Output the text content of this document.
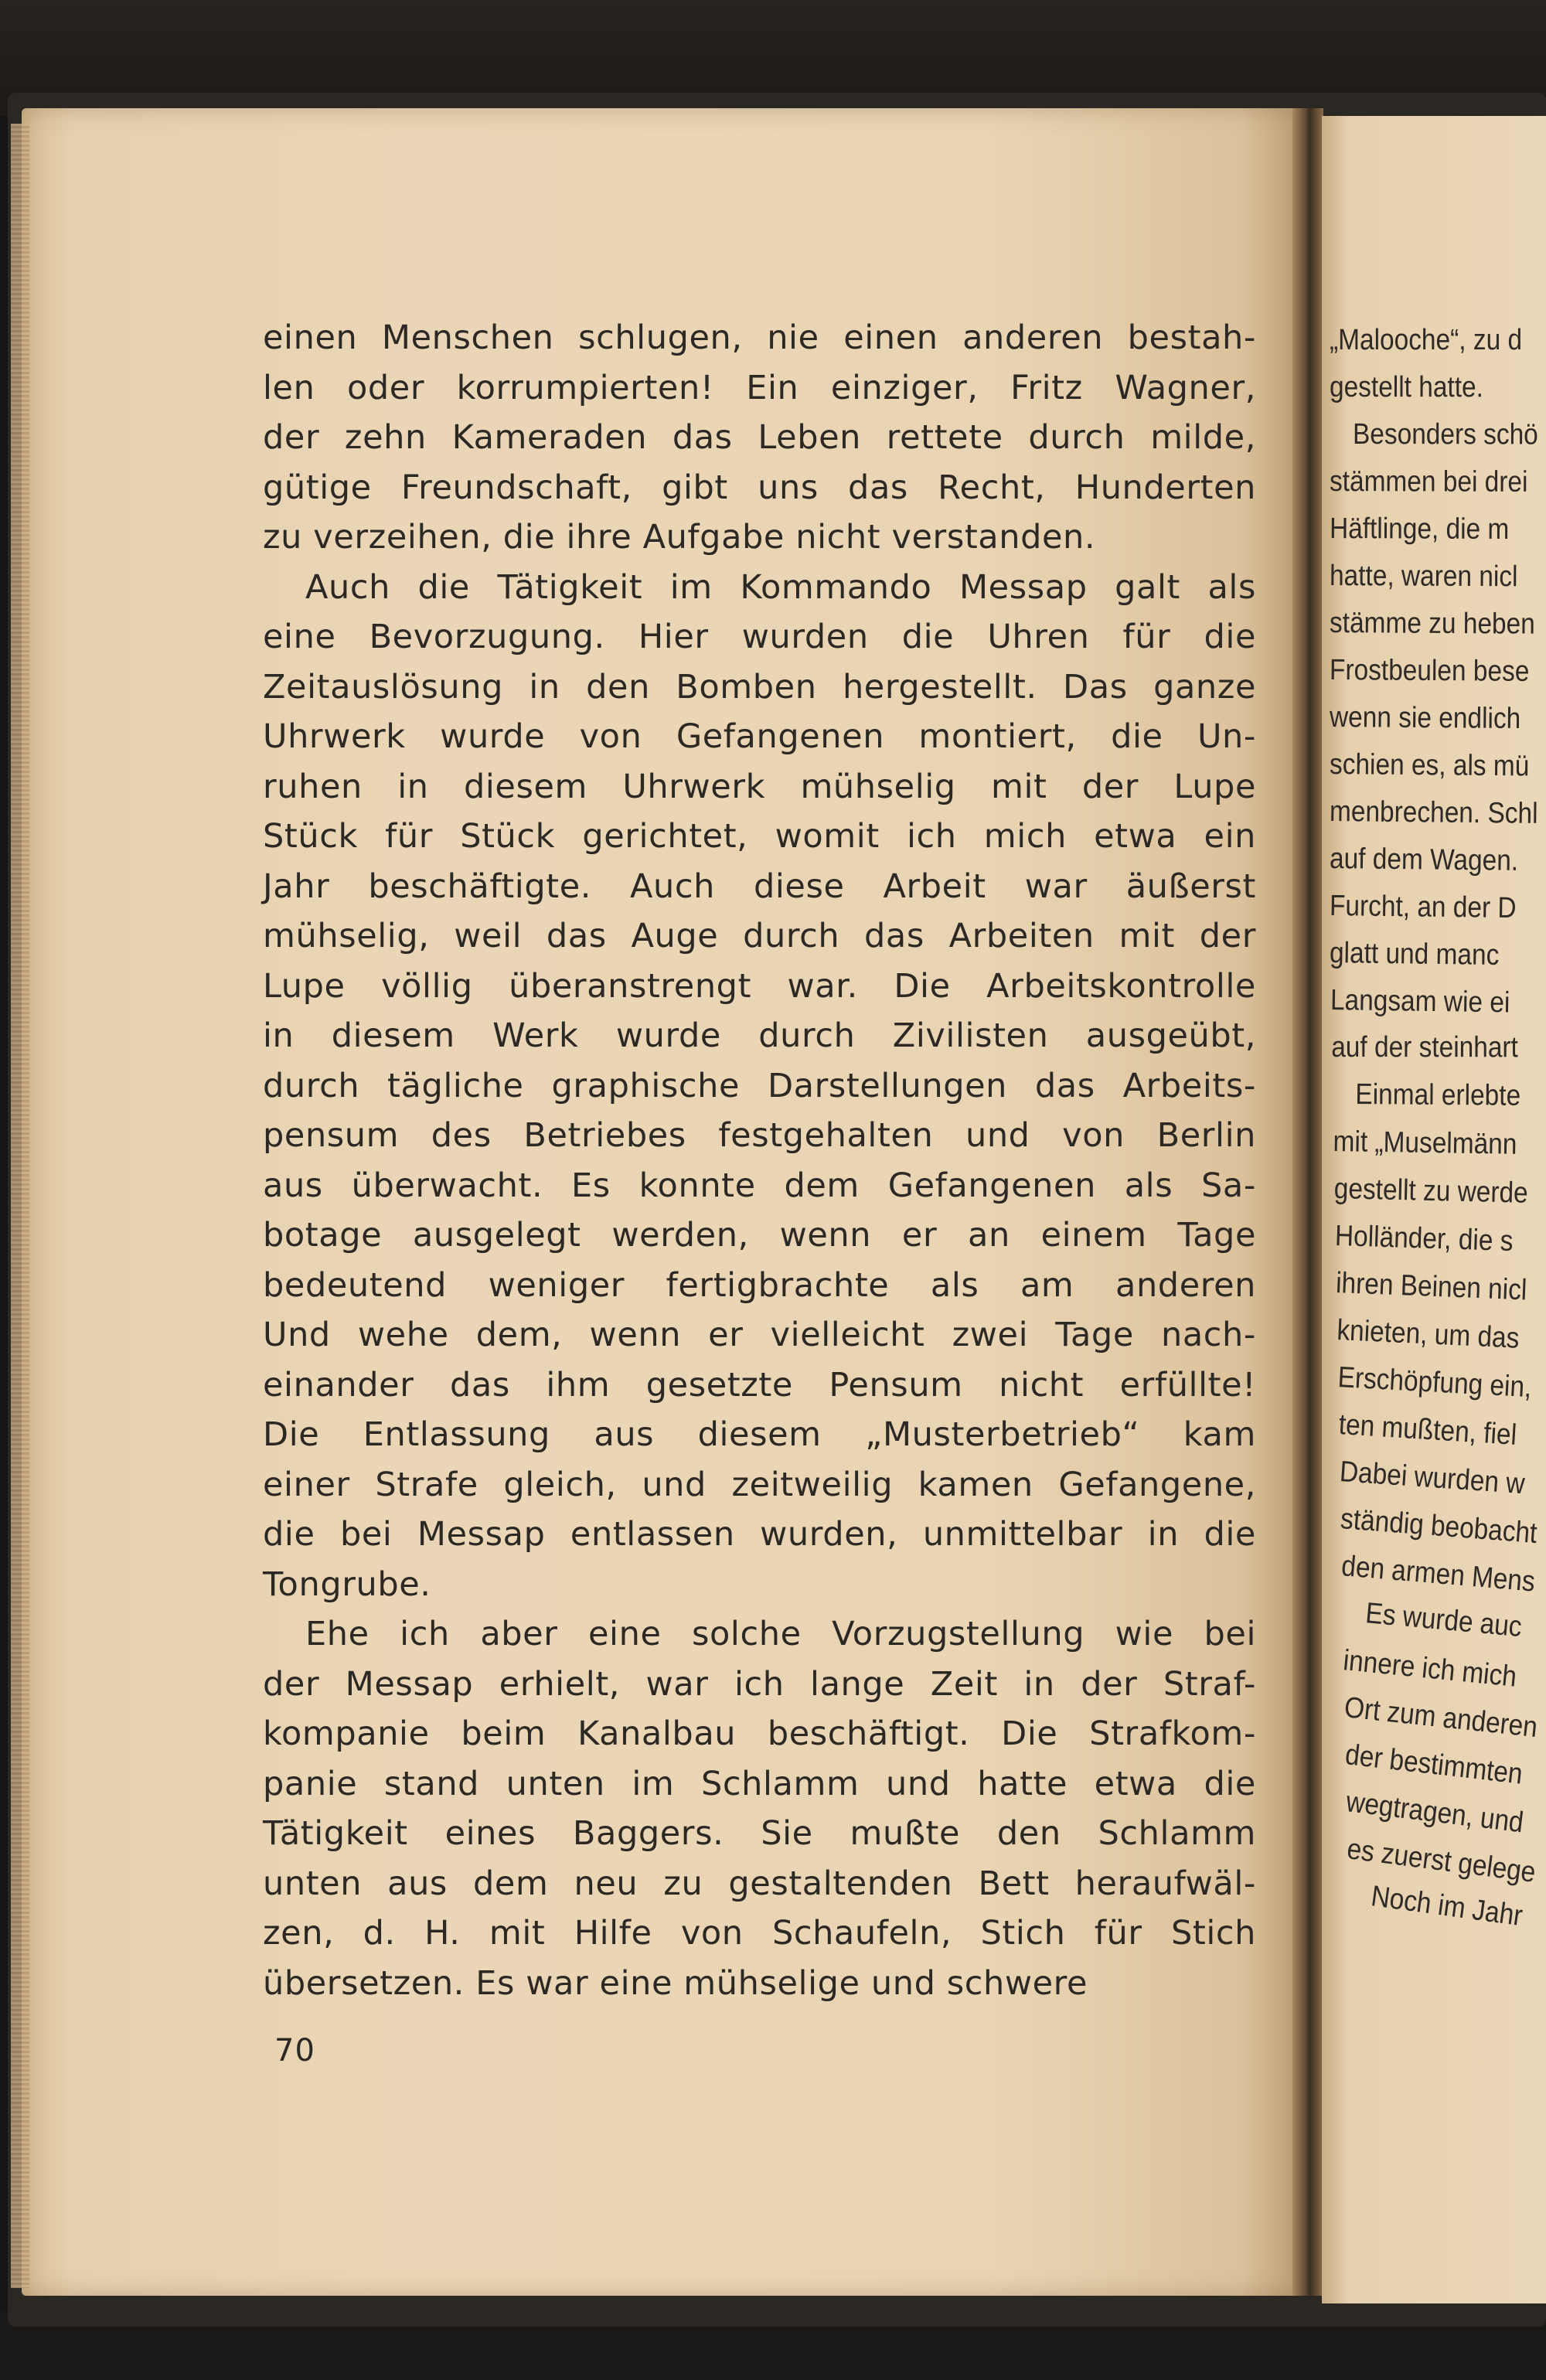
einen Menschen schlugen, nie einen anderen bestah-
len oder korrumpierten! Ein einziger, Fritz Wagner,
der zehn Kameraden das Leben rettete durch milde,
gütige Freundschaft, gibt uns das Recht, Hunderten
zu verzeihen, die ihre Aufgabe nicht verstanden.
Auch die Tätigkeit im Kommando Messap galt als
eine Bevorzugung. Hier wurden die Uhren für die
Zeitauslösung in den Bomben hergestellt. Das ganze
Uhrwerk wurde von Gefangenen montiert, die Un-
ruhen in diesem Uhrwerk mühselig mit der Lupe
Stück für Stück gerichtet, womit ich mich etwa ein
Jahr beschäftigte. Auch diese Arbeit war äußerst
mühselig, weil das Auge durch das Arbeiten mit der
Lupe völlig überanstrengt war. Die Arbeitskontrolle
in diesem Werk wurde durch Zivilisten ausgeübt,
durch tägliche graphische Darstellungen das Arbeits-
pensum des Betriebes festgehalten und von Berlin
aus überwacht. Es konnte dem Gefangenen als Sa-
botage ausgelegt werden, wenn er an einem Tage
bedeutend weniger fertigbrachte als am anderen
Und wehe dem, wenn er vielleicht zwei Tage nach-
einander das ihm gesetzte Pensum nicht erfüllte!
Die Entlassung aus diesem „Musterbetrieb“ kam
einer Strafe gleich, und zeitweilig kamen Gefangene,
die bei Messap entlassen wurden, unmittelbar in die
Tongrube.
Ehe ich aber eine solche Vorzugstellung wie bei
der Messap erhielt, war ich lange Zeit in der Straf-
kompanie beim Kanalbau beschäftigt. Die Strafkom-
panie stand unten im Schlamm und hatte etwa die
Tätigkeit eines Baggers. Sie mußte den Schlamm
unten aus dem neu zu gestaltenden Bett heraufwäl-
zen, d. H. mit Hilfe von Schaufeln, Stich für Stich
übersetzen. Es war eine mühselige und schwere
70
„Malooche“, zu d
gestellt hatte.
Besonders schö
stämmen bei drei
Häftlinge, die m
hatte, waren nicl
stämme zu heben
Frostbeulen bese
wenn sie endlich
schien es, als mü
menbrechen. Schl
auf dem Wagen.
Furcht, an der D
glatt und manc
Langsam wie ei
auf der steinhart
Einmal erlebte
mit „Muselmänn
gestellt zu werde
Holländer, die s
ihren Beinen nicl
knieten, um das
Erschöpfung ein,
ten mußten, fiel
Dabei wurden w
ständig beobacht
den armen Mens
Es wurde auc
innere ich mich
Ort zum anderen
der bestimmten
wegtragen, und
es zuerst gelege
Noch im Jahr
